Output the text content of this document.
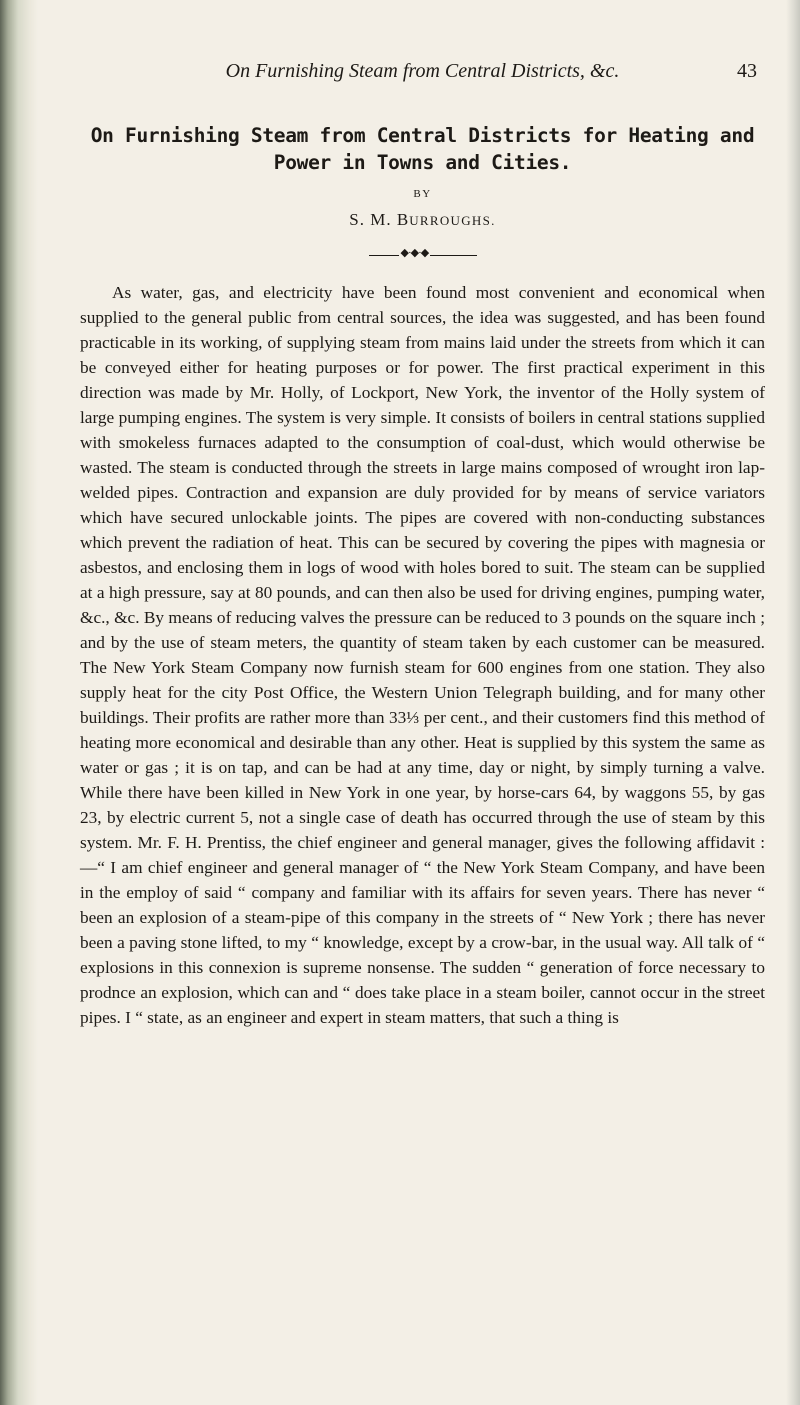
On Furnishing Steam from Central Districts, &c.	43
On Furnishing Steam from Central Districts for Heating and Power in Towns and Cities.
BY
S. M. BURROUGHS.
◆·◆·◆

As water, gas, and electricity have been found most convenient and economical when supplied to the general public from central sources, the idea was suggested, and has been found practicable in its working, of supplying steam from mains laid under the streets from which it can be conveyed either for heating purposes or for power. The first practical experiment in this direction was made by Mr. Holly, of Lockport, New York, the inventor of the Holly system of large pumping engines. The system is very simple. It consists of boilers in central stations supplied with smokeless furnaces adapted to the consumption of coal-dust, which would otherwise be wasted. The steam is conducted through the streets in large mains composed of wrought iron lap-welded pipes. Contraction and expansion are duly provided for by means of service variators which have secured unlockable joints. The pipes are covered with non-conducting substances which prevent the radiation of heat. This can be secured by covering the pipes with magnesia or asbestos, and enclosing them in logs of wood with holes bored to suit. The steam can be supplied at a high pressure, say at 80 pounds, and can then also be used for driving engines, pumping water, &c., &c. By means of reducing valves the pressure can be reduced to 3 pounds on the square inch ; and by the use of steam meters, the quantity of steam taken by each customer can be measured. The New York Steam Company now furnish steam for 600 engines from one station. They also supply heat for the city Post Office, the Western Union Telegraph building, and for many other buildings. Their profits are rather more than 33⅓ per cent., and their customers find this method of heating more economical and desirable than any other. Heat is supplied by this system the same as water or gas ; it is on tap, and can be had at any time, day or night, by simply turning a valve. While there have been killed in New York in one year, by horse-cars 64, by waggons 55, by gas 23, by electric current 5, not a single case of death has occurred through the use of steam by this system. Mr. F. H. Prentiss, the chief engineer and general manager, gives the following affidavit :—“ I am chief engineer and general manager of “ the New York Steam Company, and have been in the employ of said “ company and familiar with its affairs for seven years. There has never “ been an explosion of a steam-pipe of this company in the streets of “ New York ; there has never been a paving stone lifted, to my “ knowledge, except by a crow-bar, in the usual way. All talk of “ explosions in this connexion is supreme nonsense. The sudden “ generation of force necessary to prodnce an explosion, which can and “ does take place in a steam boiler, cannot occur in the street pipes. I “ state, as an engineer and expert in steam matters, that such a thing is
